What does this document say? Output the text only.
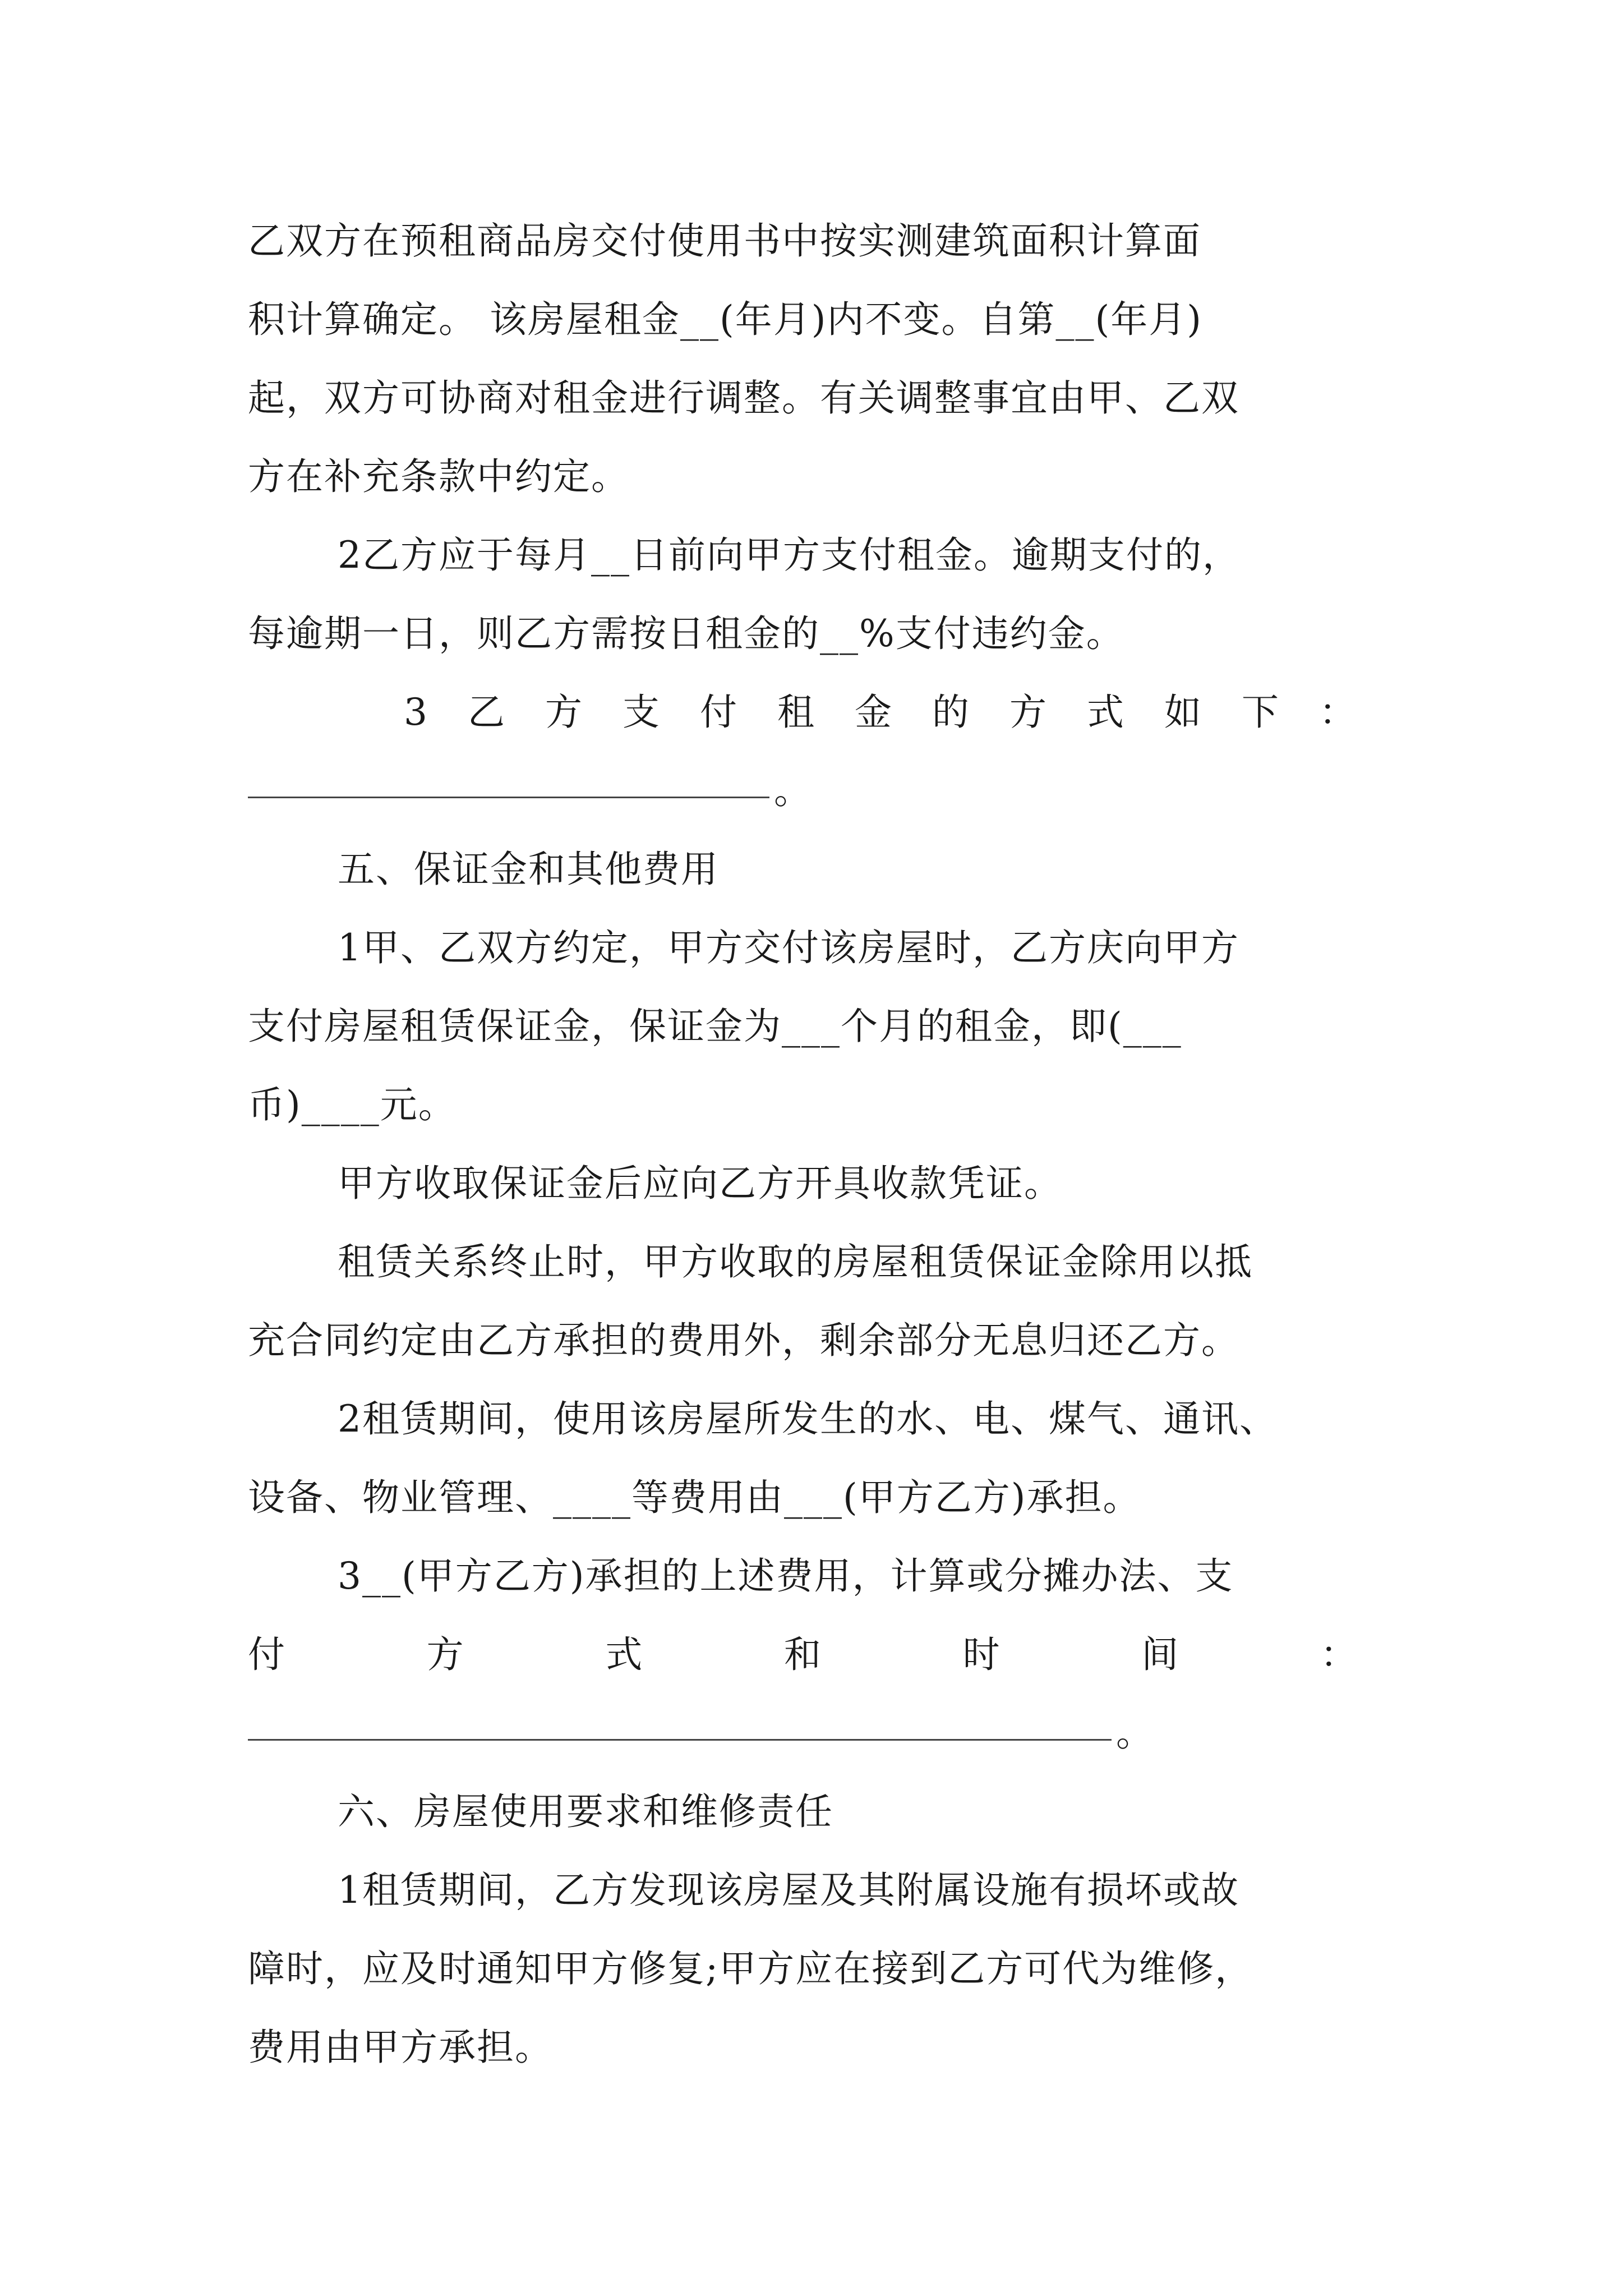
乙双方在预租商品房交付使用书中按实测建筑面积计算面
积计算确定。 该房屋租金__(年月)内不变。自第__(年月)
起，双方可协商对租金进行调整。有关调整事宜由甲、乙双
方在补充条款中约定。
2乙方应于每月__日前向甲方支付租金。逾期支付的，
每逾期一日，则乙方需按日租金的__%支付违约金。
3 乙 方 支 付 租 金 的 方 式 如 下 ：
。
五、保证金和其他费用
1甲、乙双方约定，甲方交付该房屋时，乙方庆向甲方
支付房屋租赁保证金，保证金为___个月的租金，即(___
币)____元。
甲方收取保证金后应向乙方开具收款凭证。
租赁关系终止时，甲方收取的房屋租赁保证金除用以抵
充合同约定由乙方承担的费用外，剩余部分无息归还乙方。
2租赁期间，使用该房屋所发生的水、电、煤气、通讯、
设备、物业管理、____等费用由___(甲方乙方)承担。
3__(甲方乙方)承担的上述费用，计算或分摊办法、支
付	方	式	和	时	间	：
。
六、房屋使用要求和维修责任
1租赁期间，乙方发现该房屋及其附属设施有损坏或故
障时，应及时通知甲方修复;甲方应在接到乙方可代为维修，
费用由甲方承担。
